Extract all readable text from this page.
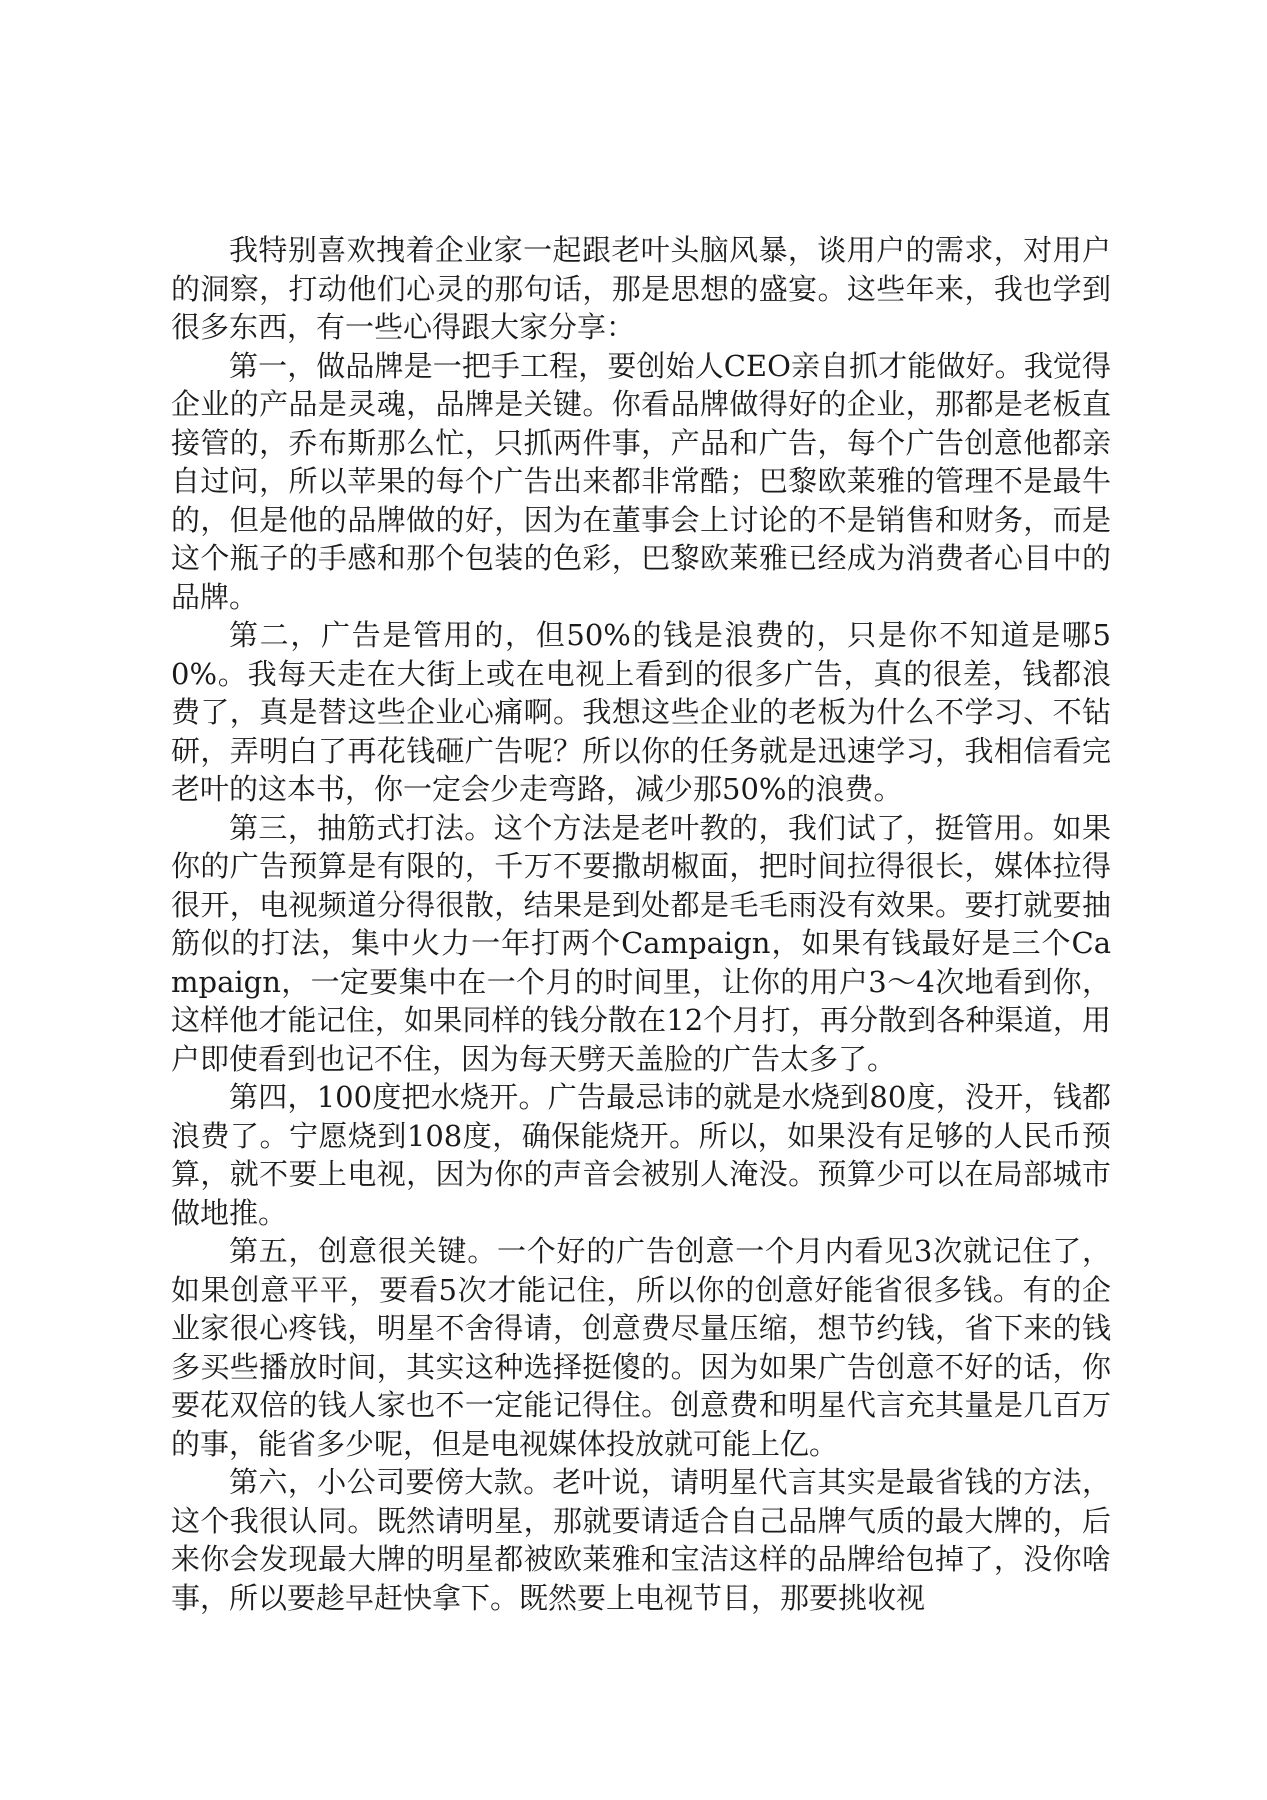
我特别喜欢拽着企业家一起跟老叶头脑风暴，谈用户的需求，对用户的洞察，打动他们心灵的那句话，那是思想的盛宴。这些年来，我也学到很多东西，有一些心得跟大家分享：

第一，做品牌是一把手工程，要创始人CEO亲自抓才能做好。我觉得企业的产品是灵魂，品牌是关键。你看品牌做得好的企业，那都是老板直接管的，乔布斯那么忙，只抓两件事，产品和广告，每个广告创意他都亲自过问，所以苹果的每个广告出来都非常酷；巴黎欧莱雅的管理不是最牛的，但是他的品牌做的好，因为在董事会上讨论的不是销售和财务，而是这个瓶子的手感和那个包装的色彩，巴黎欧莱雅已经成为消费者心目中的品牌。

第二，广告是管用的，但50%的钱是浪费的，只是你不知道是哪50%。我每天走在大街上或在电视上看到的很多广告，真的很差，钱都浪费了，真是替这些企业心痛啊。我想这些企业的老板为什么不学习、不钻研，弄明白了再花钱砸广告呢？所以你的任务就是迅速学习，我相信看完老叶的这本书，你一定会少走弯路，减少那50%的浪费。

第三，抽筋式打法。这个方法是老叶教的，我们试了，挺管用。如果你的广告预算是有限的，千万不要撒胡椒面，把时间拉得很长，媒体拉得很开，电视频道分得很散，结果是到处都是毛毛雨没有效果。要打就要抽筋似的打法，集中火力一年打两个Campaign，如果有钱最好是三个Campaign，一定要集中在一个月的时间里，让你的用户3～4次地看到你，这样他才能记住，如果同样的钱分散在12个月打，再分散到各种渠道，用户即使看到也记不住，因为每天劈天盖脸的广告太多了。

第四，100度把水烧开。广告最忌讳的就是水烧到80度，没开，钱都浪费了。宁愿烧到108度，确保能烧开。所以，如果没有足够的人民币预算，就不要上电视，因为你的声音会被别人淹没。预算少可以在局部城市做地推。

第五，创意很关键。一个好的广告创意一个月内看见3次就记住了，如果创意平平，要看5次才能记住，所以你的创意好能省很多钱。有的企业家很心疼钱，明星不舍得请，创意费尽量压缩，想节约钱，省下来的钱多买些播放时间，其实这种选择挺傻的。因为如果广告创意不好的话，你要花双倍的钱人家也不一定能记得住。创意费和明星代言充其量是几百万的事，能省多少呢，但是电视媒体投放就可能上亿。

第六，小公司要傍大款。老叶说，请明星代言其实是最省钱的方法，这个我很认同。既然请明星，那就要请适合自己品牌气质的最大牌的，后来你会发现最大牌的明星都被欧莱雅和宝洁这样的品牌给包掉了，没你啥事，所以要趁早赶快拿下。既然要上电视节目，那要挑收视
